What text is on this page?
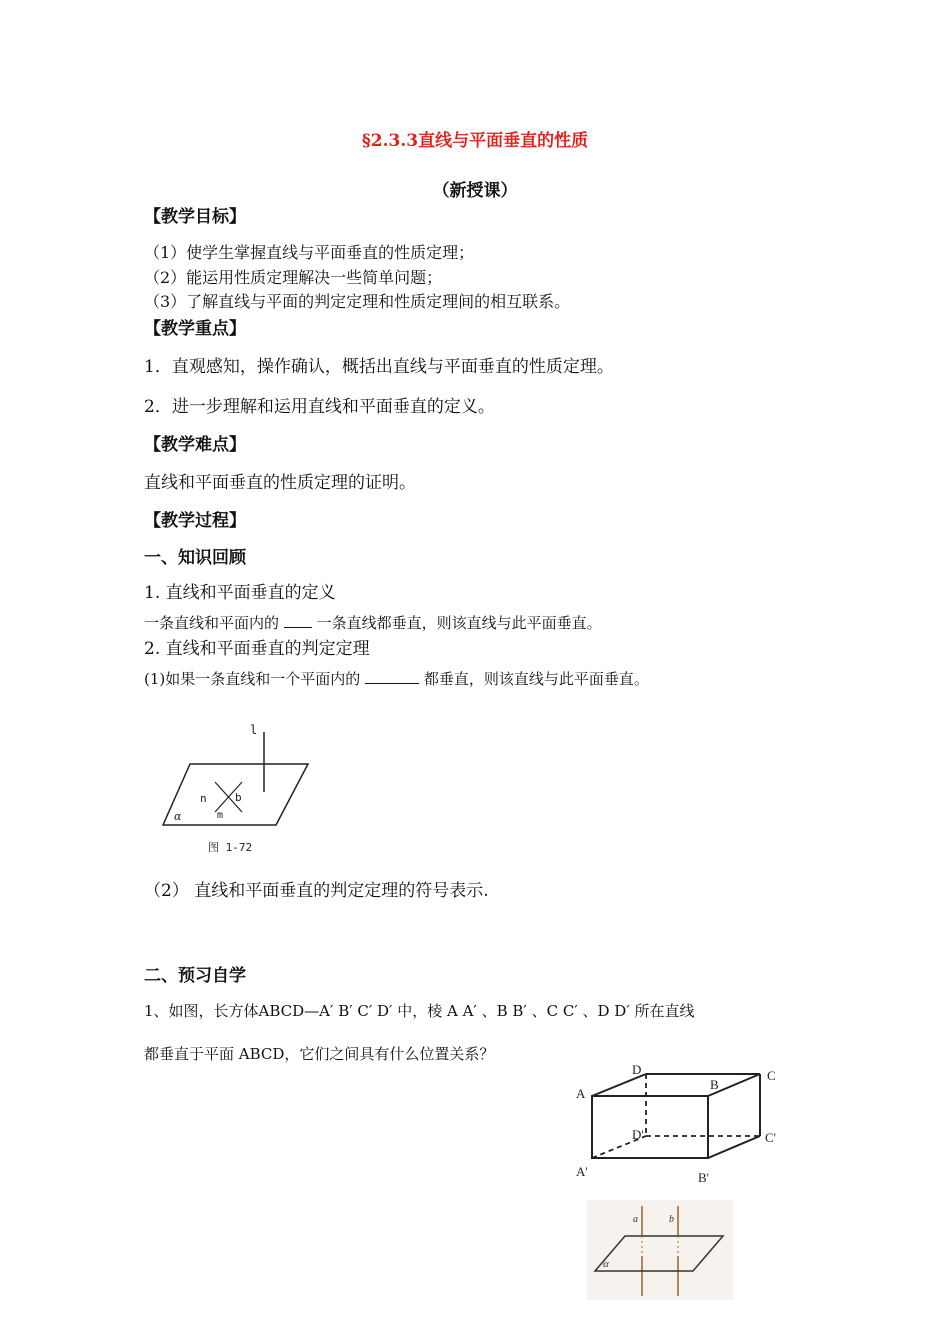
§2.3.3直线与平面垂直的性质
（新授课）
【教学目标】
（1）使学生掌握直线与平面垂直的性质定理；
（2）能运用性质定理解决一些简单问题；
（3）了解直线与平面的判定定理和性质定理间的相互联系。
【教学重点】
1．直观感知，操作确认，概括出直线与平面垂直的性质定理。
2．进一步理解和运用直线和平面垂直的定义。
【教学难点】
直线和平面垂直的性质定理的证明。
【教学过程】
一、知识回顾
1. 直线和平面垂直的定义
一条直线和平面内的	一条直线都垂直，则该直线与此平面垂直。
2. 直线和平面垂直的判定定理
(1)如果一条直线和一个平面内的	都垂直，则该直线与此平面垂直。
l
n	b
m
α
图 1-72
（2） 直线和平面垂直的判定定理的符号表示.
二、预习自学
1、如图，长方体ABCD—A′ B′ C′ D′ 中，棱 A A′ 、B B′ 、C C′ 、D D′ 所在直线
都垂直于平面 ABCD，它们之间具有什么位置关系？
A
D
B
C
D'	C'
A'	B'
a	b
α
